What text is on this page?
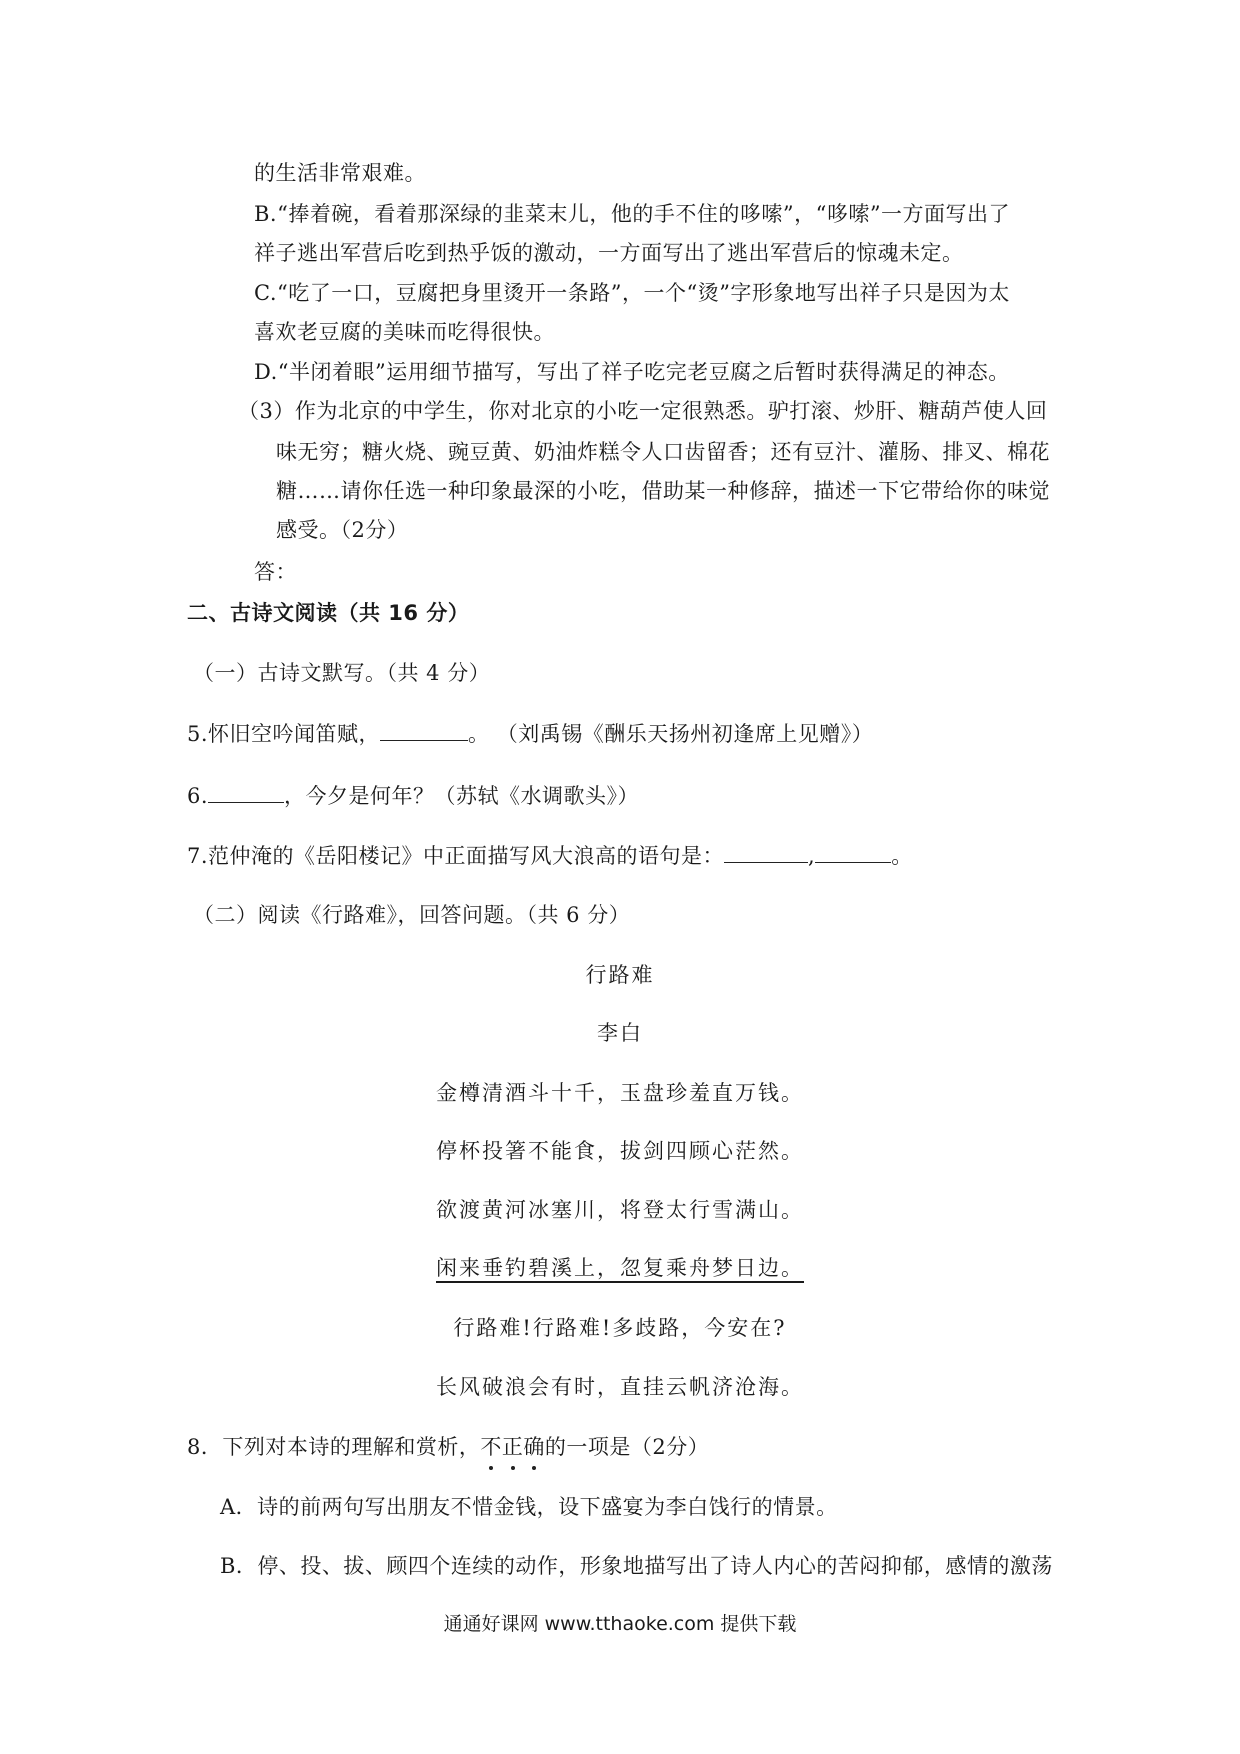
的生活非常艰难。
B.“捧着碗，看着那深绿的韭菜末儿，他的手不住的哆嗦”，“哆嗦”一方面写出了
祥子逃出军营后吃到热乎饭的激动，一方面写出了逃出军营后的惊魂未定。
C.“吃了一口，豆腐把身里烫开一条路”，一个“烫”字形象地写出祥子只是因为太
喜欢老豆腐的美味而吃得很快。
D.“半闭着眼”运用细节描写，写出了祥子吃完老豆腐之后暂时获得满足的神态。
（3）作为北京的中学生，你对北京的小吃一定很熟悉。驴打滚、炒肝、糖葫芦使人回
味无穷；糖火烧、豌豆黄、奶油炸糕令人口齿留香；还有豆汁、灌肠、排叉、棉花
糖……请你任选一种印象最深的小吃，借助某一种修辞，描述一下它带给你的味觉
感受。（2分）
答：
二、古诗文阅读（共 16 分）
（一）古诗文默写。（共 4 分）
5.怀旧空吟闻笛赋，	。 （刘禹锡《酬乐天扬州初逢席上见赠》）
6.	，今夕是何年？（苏轼《水调歌头》）
7.范仲淹的《岳阳楼记》中正面描写风大浪高的语句是：	,	。
（二）阅读《行路难》，回答问题。（共 6 分）
行路难
李白
金樽清酒斗十千，玉盘珍羞直万钱。
停杯投箸不能食，拔剑四顾心茫然。
欲渡黄河冰塞川，将登太行雪满山。
闲来垂钓碧溪上，忽复乘舟梦日边。
行路难!行路难!多歧路，今安在?
长风破浪会有时，直挂云帆济沧海。
8．下列对本诗的理解和赏析，不正确的一项是（2分）
A．诗的前两句写出朋友不惜金钱，设下盛宴为李白饯行的情景。
B．停、投、拔、顾四个连续的动作，形象地描写出了诗人内心的苦闷抑郁，感情的激荡
通通好课网 www.tthaoke.com 提供下载
